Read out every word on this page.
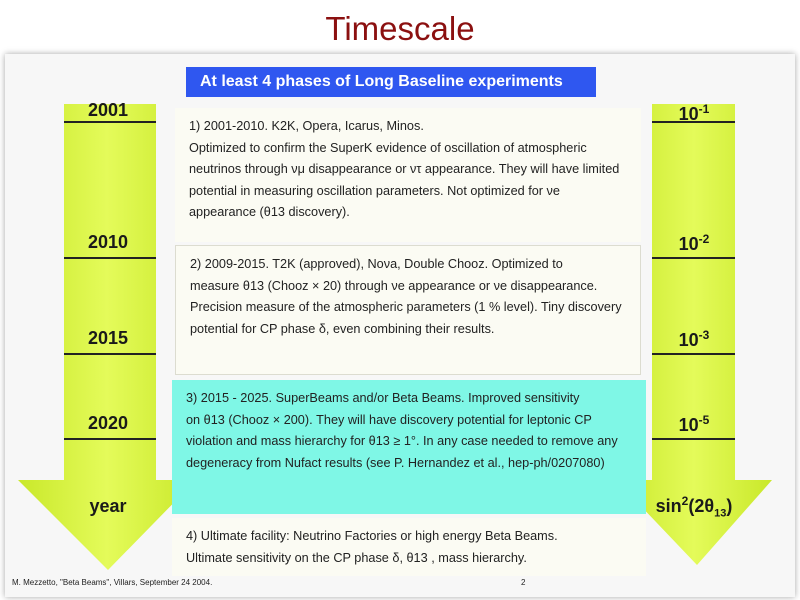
Timescale
2001
2010
2015
2020
year
$10^{-1}$
$10^{-2}$
$10^{-3}$
$10^{-5}$
$\sin^2(2\theta_{13})$
At least 4 phases of Long Baseline experiments
1) 2001-2010. K2K, Opera, Icarus, Minos.
Optimized to confirm the SuperK evidence of oscillation of atmospheric neutrinos through νμ disappearance or ντ appearance. They will have limited potential in measuring oscillation parameters. Not optimized for νe appearance (θ13 discovery).
2) 2009-2015. T2K (approved), Noνa, Double Chooz. Optimized to
measure θ13 (Chooz × 20) through νe appearance or νe disappearance. Precision measure of the atmospheric parameters (1 % level). Tiny discovery potential for CP phase δ, even combining their results.
3) 2015 - 2025. SuperBeams and/or Beta Beams. Improved sensitivity
on θ13 (Chooz × 200). They will have discovery potential for leptonic CP violation and mass hierarchy for θ13 ≥ 1°. In any case needed to remove any degeneracy from Nufact results (see P. Hernandez et al., hep-ph/0207080)
4) Ultimate facility: Neutrino Factories or high energy Beta Beams.
Ultimate sensitivity on the CP phase δ, θ13 , mass hierarchy.
M. Mezzetto, "Beta Beams", Villars, September 24 2004.	2
